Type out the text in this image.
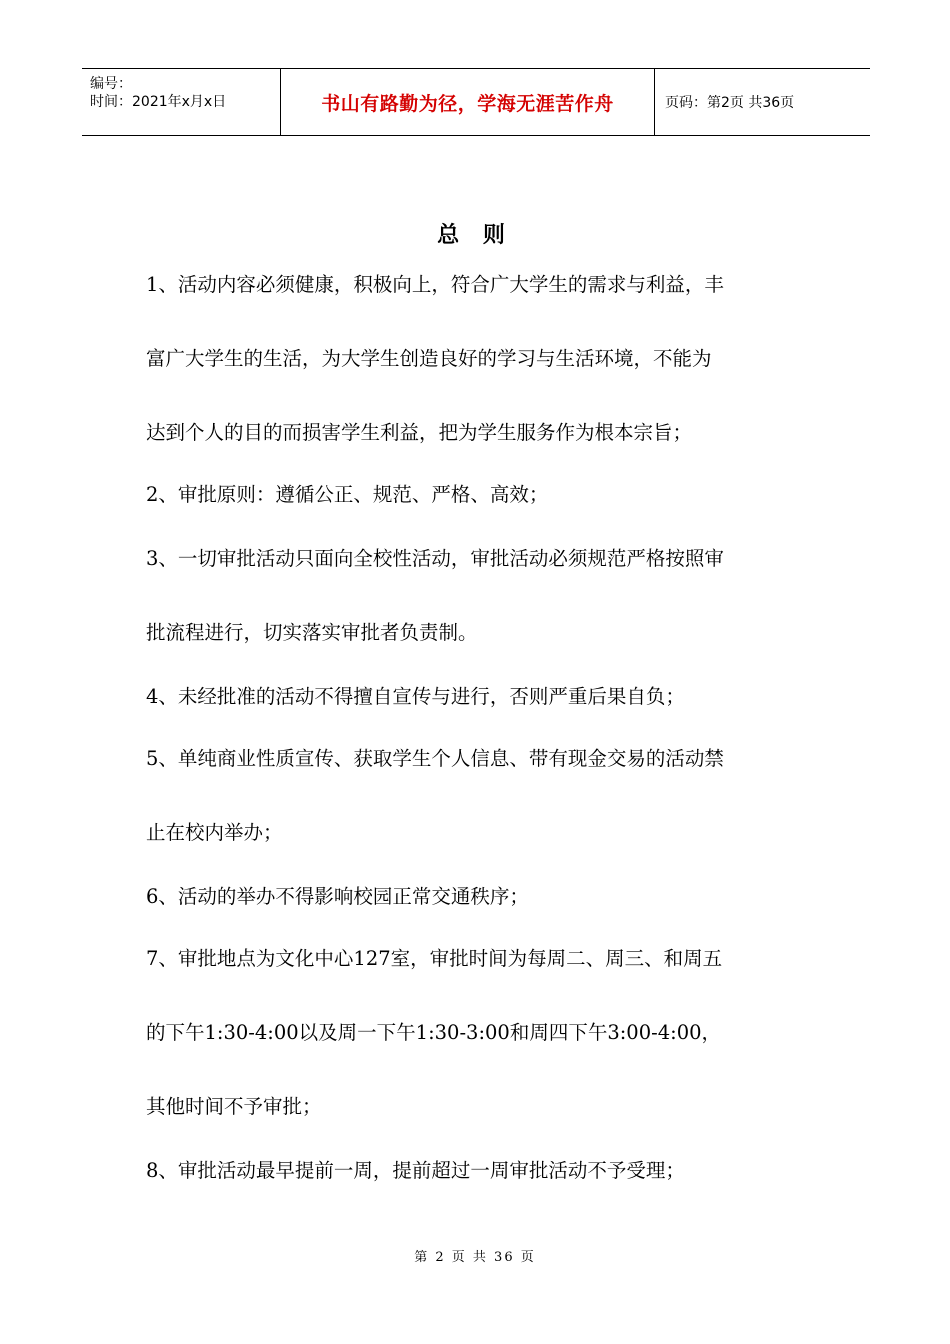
编号：
时间：2021年x月x日	书山有路勤为径，学海无涯苦作舟	页码：第2页 共36页
总 则
1、活动内容必须健康，积极向上，符合广大学生的需求与利益，丰
富广大学生的生活，为大学生创造良好的学习与生活环境，不能为
达到个人的目的而损害学生利益，把为学生服务作为根本宗旨；
2、审批原则：遵循公正、规范、严格、高效；
3、一切审批活动只面向全校性活动，审批活动必须规范严格按照审
批流程进行，切实落实审批者负责制。
4、未经批准的活动不得擅自宣传与进行，否则严重后果自负；
5、单纯商业性质宣传、获取学生个人信息、带有现金交易的活动禁
止在校内举办；
6、活动的举办不得影响校园正常交通秩序；
7、审批地点为文化中心127室，审批时间为每周二、周三、和周五
的下午1:30-4:00以及周一下午1:30-3:00和周四下午3:00-4:00，
其他时间不予审批；
8、审批活动最早提前一周，提前超过一周审批活动不予受理；
第 2 页 共 36 页
